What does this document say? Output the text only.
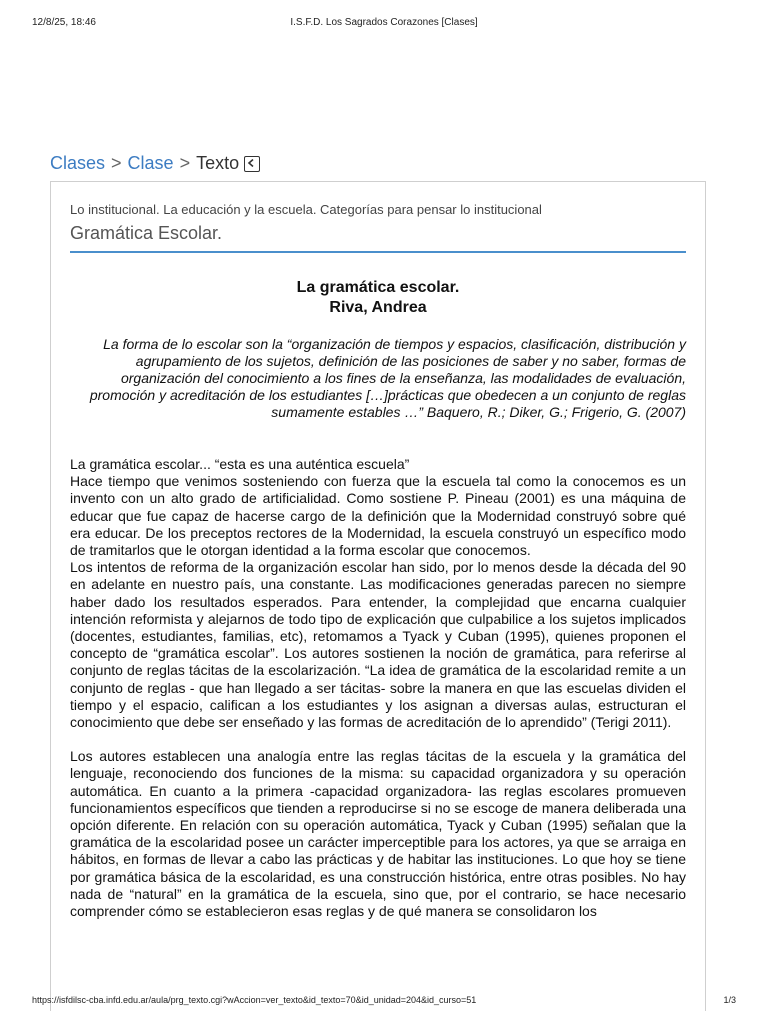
12/8/25, 18:46	I.S.F.D. Los Sagrados Corazones [Clases]
Clases > Clase > Texto
Lo institucional. La educación y la escuela. Categorías para pensar lo institucional
Gramática Escolar.
La gramática escolar.
Riva, Andrea
La forma de lo escolar son la “organización de tiempos y espacios, clasificación, distribución y agrupamiento de los sujetos, definición de las posiciones de saber y no saber, formas de organización del conocimiento a los fines de la enseñanza, las modalidades de evaluación, promoción y acreditación de los estudiantes […]prácticas que obedecen a un conjunto de reglas sumamente estables …” Baquero, R.; Diker, G.; Frigerio, G. (2007)

La gramática escolar... “esta es una auténtica escuela”

Hace tiempo que venimos sosteniendo con fuerza que la escuela tal como la conocemos es un invento con un alto grado de artificialidad. Como sostiene P. Pineau (2001) es una máquina de educar que fue capaz de hacerse cargo de la definición que la Modernidad construyó sobre qué era educar. De los preceptos rectores de la Modernidad, la escuela construyó un específico modo de tramitarlos que le otorgan identidad a la forma escolar que conocemos.

Los intentos de reforma de la organización escolar han sido, por lo menos desde la década del 90 en adelante en nuestro país, una constante. Las modificaciones generadas parecen no siempre haber dado los resultados esperados. Para entender, la complejidad que encarna cualquier intención reformista y alejarnos de todo tipo de explicación que culpabilice a los sujetos implicados (docentes, estudiantes, familias, etc), retomamos a Tyack y Cuban (1995), quienes proponen el concepto de “gramática escolar”. Los autores sostienen la noción de gramática, para referirse al conjunto de reglas tácitas de la escolarización. “La idea de gramática de la escolaridad remite a un conjunto de reglas - que han llegado a ser tácitas- sobre la manera en que las escuelas dividen el tiempo y el espacio, califican a los estudiantes y los asignan a diversas aulas, estructuran el conocimiento que debe ser enseñado y las formas de acreditación de lo aprendido” (Terigi 2011).

Los autores establecen una analogía entre las reglas tácitas de la escuela y la gramática del lenguaje, reconociendo dos funciones de la misma: su capacidad organizadora y su operación automática. En cuanto a la primera -capacidad organizadora- las reglas escolares promueven funcionamientos específicos que tienden a reproducirse si no se escoge de manera deliberada una opción diferente. En relación con su operación automática, Tyack y Cuban (1995) señalan que la gramática de la escolaridad posee un carácter imperceptible para los actores, ya que se arraiga en hábitos, en formas de llevar a cabo las prácticas y de habitar las instituciones. Lo que hoy se tiene por gramática básica de la escolaridad, es una construcción histórica, entre otras posibles. No hay nada de “natural” en la gramática de la escuela, sino que, por el contrario, se hace necesario comprender cómo se establecieron esas reglas y de qué manera se consolidaron los

https://isfdilsc-cba.infd.edu.ar/aula/prg_texto.cgi?wAccion=ver_texto&id_texto=70&id_unidad=204&id_curso=51	1/3
